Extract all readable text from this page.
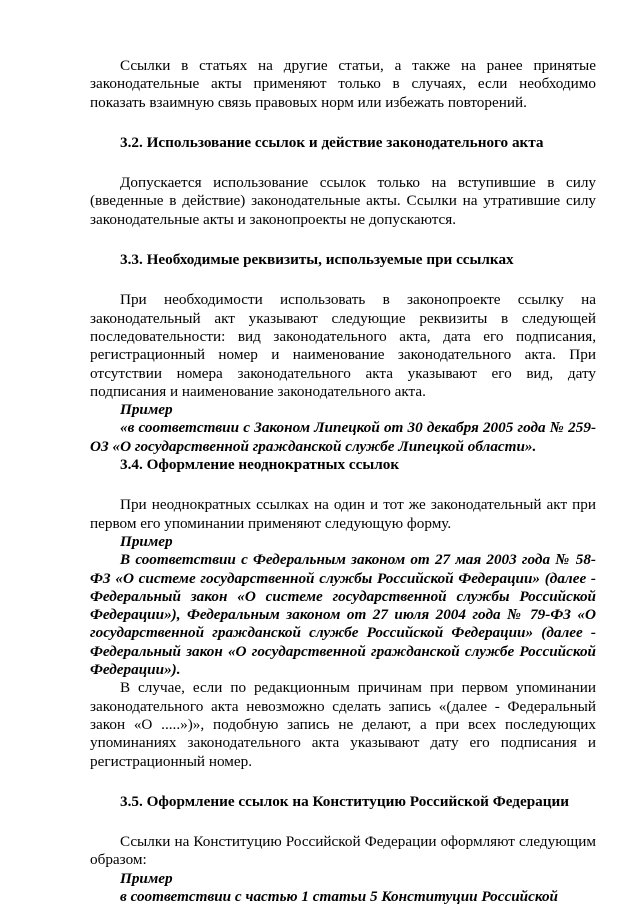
Ссылки в статьях на другие статьи, а также на ранее принятые законодательные акты применяют только в случаях, если необходимо показать взаимную связь правовых норм или избежать повторений.

3.2. Использование ссылок и действие законодательного акта

Допускается использование ссылок только на вступившие в силу (введенные в действие) законодательные акты. Ссылки на утратившие силу законодательные акты и законопроекты не допускаются.

3.3. Необходимые реквизиты, используемые при ссылках

При необходимости использовать в законопроекте ссылку на законодательный акт указывают следующие реквизиты в следующей последовательности: вид законодательного акта, дата его подписания, регистрационный номер и наименование законодательного акта. При отсутствии номера законодательного акта указывают его вид, дату подписания и наименование законодательного акта.

Пример

«в соответствии с Законом Липецкой от 30 декабря 2005 года № 259-ОЗ «О государственной гражданской службе Липецкой области».

3.4. Оформление неоднократных ссылок

При неоднократных ссылках на один и тот же законодательный акт при первом его упоминании применяют следующую форму.

Пример

В соответствии с Федеральным законом от 27 мая 2003 года № 58-ФЗ «О системе государственной службы Российской Федерации» (далее - Федеральный закон «О системе государственной службы Российской Федерации»), Федеральным законом от 27 июля 2004 года № 79-ФЗ «О государственной гражданской службе Российской Федерации» (далее - Федеральный закон «О государственной гражданской службе Российской Федерации»).

В случае, если по редакционным причинам при первом упоминании законодательного акта невозможно сделать запись «(далее - Федеральный закон «О .....»)», подобную запись не делают, а при всех последующих упоминаниях законодательного акта указывают дату его подписания и регистрационный номер.

3.5. Оформление ссылок на Конституцию Российской Федерации

Ссылки на Конституцию Российской Федерации оформляют следующим образом:

Пример

в соответствии с частью 1 статьи 5 Конституции Российской
